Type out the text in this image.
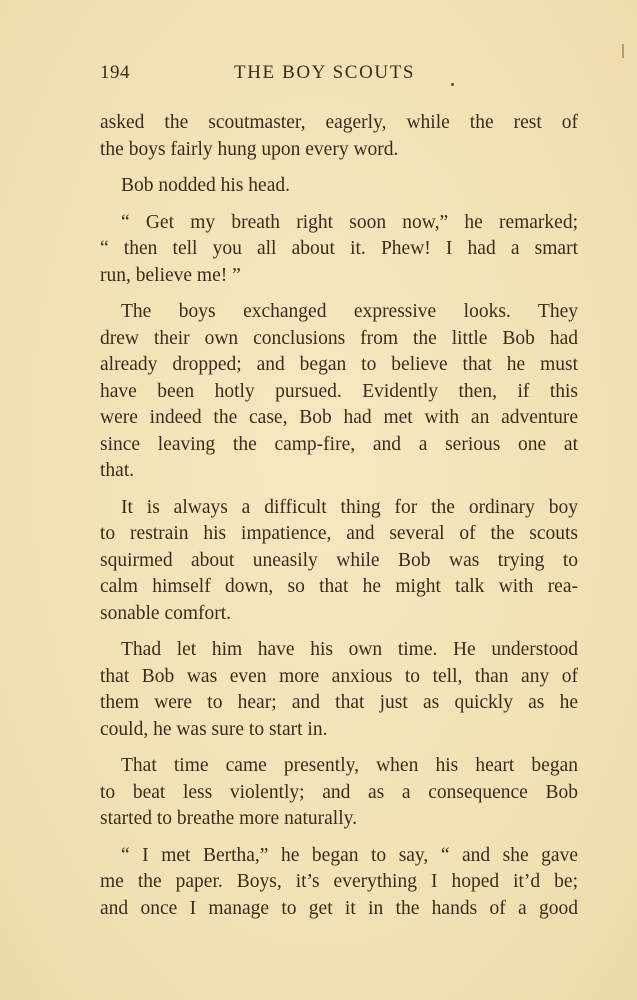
194	THE BOY SCOUTS
asked the scoutmaster, eagerly, while the rest of
the boys fairly hung upon every word.
Bob nodded his head.
“ Get my breath right soon now,” he remarked;
“ then tell you all about it. Phew! I had a smart
run, believe me! ”
The boys exchanged expressive looks. They
drew their own conclusions from the little Bob had
already dropped; and began to believe that he must
have been hotly pursued. Evidently then, if this
were indeed the case, Bob had met with an adventure
since leaving the camp-fire, and a serious one at
that.
It is always a difficult thing for the ordinary boy
to restrain his impatience, and several of the scouts
squirmed about uneasily while Bob was trying to
calm himself down, so that he might talk with rea-
sonable comfort.
Thad let him have his own time. He understood
that Bob was even more anxious to tell, than any of
them were to hear; and that just as quickly as he
could, he was sure to start in.
That time came presently, when his heart began
to beat less violently; and as a consequence Bob
started to breathe more naturally.
“ I met Bertha,” he began to say, “ and she gave
me the paper. Boys, it’s everything I hoped it’d be;
and once I manage to get it in the hands of a good
